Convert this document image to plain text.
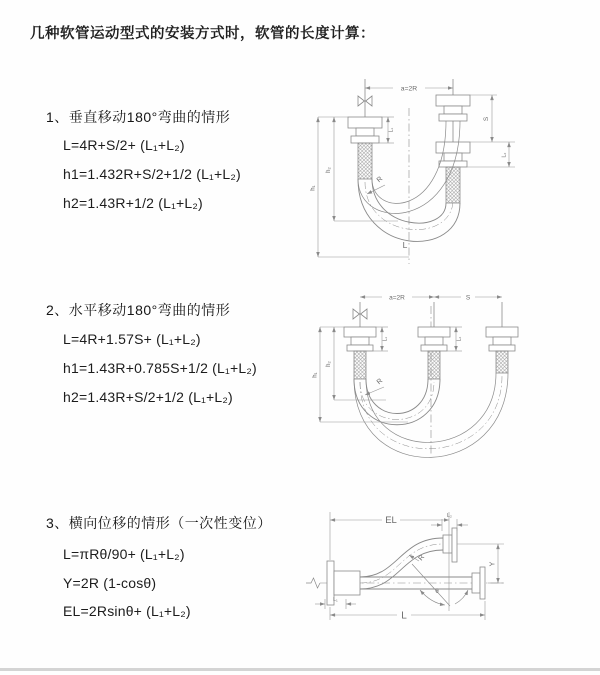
几种软管运动型式的安装方式时，软管的长度计算：
1、垂直移动180°弯曲的情形
L=4R+S/2+ (L₁+L₂)
h1=1.432R+S/2+1/2 (L₁+L₂)
h2=1.43R+1/2 (L₁+L₂)
2、水平移动180°弯曲的情形
L=4R+1.57S+ (L₁+L₂)
h1=1.43R+0.785S+1/2 (L₁+L₂)
h2=1.43R+S/2+1/2 (L₁+L₂)
3、横向位移的情形（一次性变位）
L=πRθ/90+ (L₁+L₂)
Y=2R (1-cosθ)
EL=2Rsinθ+ (L₁+L₂)
a=2R
h₁
h₂
L₁
S
L₂
R
L
a=2R	S
h₁
h₂
L₁	L₂
R
EL	L₂
Y
L
L₁
R
θ
